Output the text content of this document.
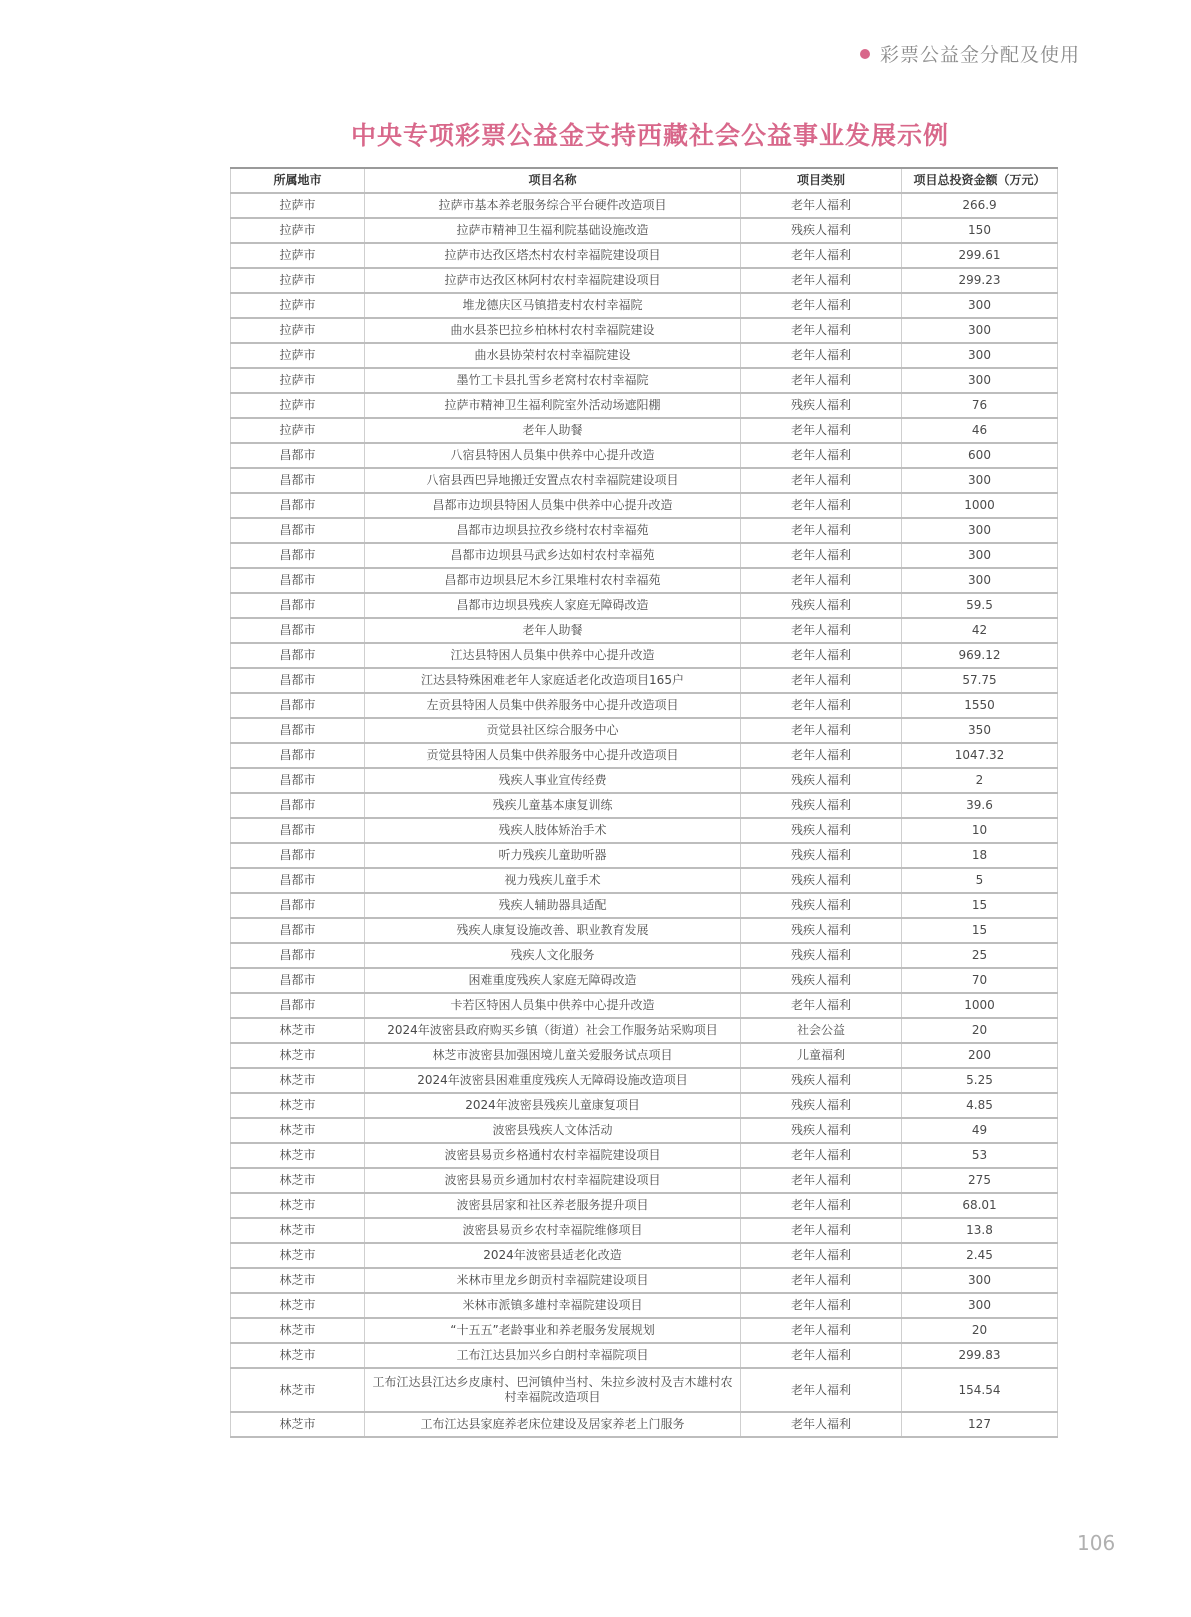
彩票公益金分配及使用
中央专项彩票公益金支持西藏社会公益事业发展示例
所属地市	项目名称	项目类别	项目总投资金额（万元）
拉萨市	拉萨市基本养老服务综合平台硬件改造项目	老年人福利	266.9
拉萨市	拉萨市精神卫生福利院基础设施改造	残疾人福利	150
拉萨市	拉萨市达孜区塔杰村农村幸福院建设项目	老年人福利	299.61
拉萨市	拉萨市达孜区林阿村农村幸福院建设项目	老年人福利	299.23
拉萨市	堆龙德庆区马镇措麦村农村幸福院	老年人福利	300
拉萨市	曲水县茶巴拉乡柏林村农村幸福院建设	老年人福利	300
拉萨市	曲水县协荣村农村幸福院建设	老年人福利	300
拉萨市	墨竹工卡县扎雪乡老窝村农村幸福院	老年人福利	300
拉萨市	拉萨市精神卫生福利院室外活动场遮阳棚	残疾人福利	76
拉萨市	老年人助餐	老年人福利	46
昌都市	八宿县特困人员集中供养中心提升改造	老年人福利	600
昌都市	八宿县西巴异地搬迁安置点农村幸福院建设项目	老年人福利	300
昌都市	昌都市边坝县特困人员集中供养中心提升改造	老年人福利	1000
昌都市	昌都市边坝县拉孜乡绕村农村幸福苑	老年人福利	300
昌都市	昌都市边坝县马武乡达如村农村幸福苑	老年人福利	300
昌都市	昌都市边坝县尼木乡江果堆村农村幸福苑	老年人福利	300
昌都市	昌都市边坝县残疾人家庭无障碍改造	残疾人福利	59.5
昌都市	老年人助餐	老年人福利	42
昌都市	江达县特困人员集中供养中心提升改造	老年人福利	969.12
昌都市	江达县特殊困难老年人家庭适老化改造项目165户	老年人福利	57.75
昌都市	左贡县特困人员集中供养服务中心提升改造项目	老年人福利	1550
昌都市	贡觉县社区综合服务中心	老年人福利	350
昌都市	贡觉县特困人员集中供养服务中心提升改造项目	老年人福利	1047.32
昌都市	残疾人事业宣传经费	残疾人福利	2
昌都市	残疾儿童基本康复训练	残疾人福利	39.6
昌都市	残疾人肢体矫治手术	残疾人福利	10
昌都市	听力残疾儿童助听器	残疾人福利	18
昌都市	视力残疾儿童手术	残疾人福利	5
昌都市	残疾人辅助器具适配	残疾人福利	15
昌都市	残疾人康复设施改善、职业教育发展	残疾人福利	15
昌都市	残疾人文化服务	残疾人福利	25
昌都市	困难重度残疾人家庭无障碍改造	残疾人福利	70
昌都市	卡若区特困人员集中供养中心提升改造	老年人福利	1000
林芝市	2024年波密县政府购买乡镇（街道）社会工作服务站采购项目	社会公益	20
林芝市	林芝市波密县加强困境儿童关爱服务试点项目	儿童福利	200
林芝市	2024年波密县困难重度残疾人无障碍设施改造项目	残疾人福利	5.25
林芝市	2024年波密县残疾儿童康复项目	残疾人福利	4.85
林芝市	波密县残疾人文体活动	残疾人福利	49
林芝市	波密县易贡乡格通村农村幸福院建设项目	老年人福利	53
林芝市	波密县易贡乡通加村农村幸福院建设项目	老年人福利	275
林芝市	波密县居家和社区养老服务提升项目	老年人福利	68.01
林芝市	波密县易贡乡农村幸福院维修项目	老年人福利	13.8
林芝市	2024年波密县适老化改造	老年人福利	2.45
林芝市	米林市里龙乡朗贡村幸福院建设项目	老年人福利	300
林芝市	米林市派镇多雄村幸福院建设项目	老年人福利	300
林芝市	“十五五”老龄事业和养老服务发展规划	老年人福利	20
林芝市	工布江达县加兴乡白朗村幸福院项目	老年人福利	299.83
林芝市	工布江达县江达乡皮康村、巴河镇仲当村、朱拉乡波村及吉木雄村农村幸福院改造项目	老年人福利	154.54
林芝市	工布江达县家庭养老床位建设及居家养老上门服务	老年人福利	127
106
